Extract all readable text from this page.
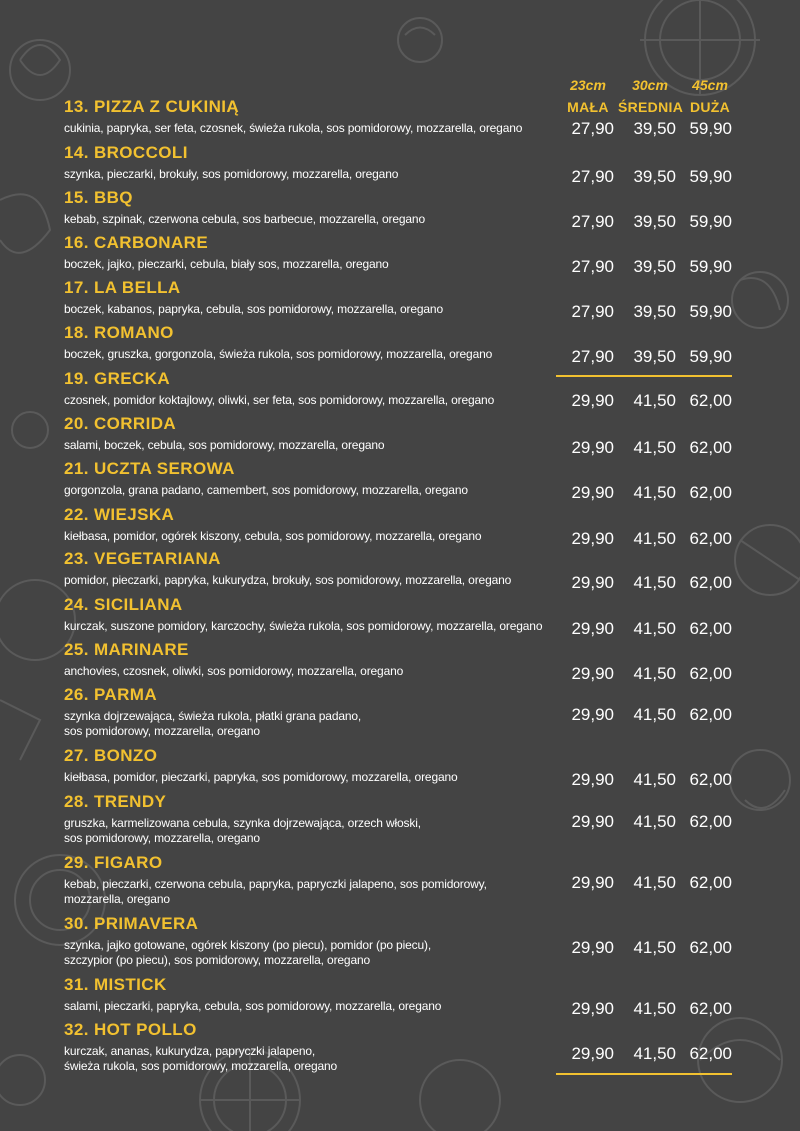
23cm
MAŁA
30cm
ŚREDNIA
45cm
DUŻA
13. PIZZA Z CUKINIĄ
cukinia, papryka, ser feta, czosnek, świeża rukola, sos pomidorowy, mozzarella, oregano	27,90	39,50 59,90
14. BROCCOLI
szynka, pieczarki, brokuły, sos pomidorowy, mozzarella, oregano	27,90	39,50 59,90
15. BBQ
kebab, szpinak, czerwona cebula, sos barbecue, mozzarella, oregano	27,90	39,50 59,90
16. CARBONARE
boczek, jajko, pieczarki, cebula, biały sos, mozzarella, oregano	27,90	39,50 59,90
17. LA BELLA
boczek, kabanos, papryka, cebula, sos pomidorowy, mozzarella, oregano	27,90	39,50 59,90
18. ROMANO
boczek, gruszka, gorgonzola, świeża rukola, sos pomidorowy, mozzarella, oregano	27,90	39,50 59,90
19. GRECKA
czosnek, pomidor koktajlowy, oliwki, ser feta, sos pomidorowy, mozzarella, oregano	29,90	41,50 62,00
20. CORRIDA
salami, boczek, cebula, sos pomidorowy, mozzarella, oregano	29,90	41,50 62,00
21. UCZTA SEROWA
gorgonzola, grana padano, camembert, sos pomidorowy, mozzarella, oregano	29,90	41,50 62,00
22. WIEJSKA
kiełbasa, pomidor, ogórek kiszony, cebula, sos pomidorowy, mozzarella, oregano	29,90	41,50 62,00
23. VEGETARIANA
pomidor, pieczarki, papryka, kukurydza, brokuły, sos pomidorowy, mozzarella, oregano	29,90	41,50 62,00
24. SICILIANA
kurczak, suszone pomidory, karczochy, świeża rukola, sos pomidorowy, mozzarella, oregano	29,90	41,50 62,00
25. MARINARE
anchovies, czosnek, oliwki, sos pomidorowy, mozzarella, oregano	29,90	41,50 62,00
26. PARMA
szynka dojrzewająca, świeża rukola, płatki grana padano,
sos pomidorowy, mozzarella, oregano
29,90	41,50 62,00
27. BONZO
kiełbasa, pomidor, pieczarki, papryka, sos pomidorowy, mozzarella, oregano	29,90	41,50 62,00
28. TRENDY
gruszka, karmelizowana cebula, szynka dojrzewająca, orzech włoski,
sos pomidorowy, mozzarella, oregano
29,90	41,50 62,00
29. FIGARO
kebab, pieczarki, czerwona cebula, papryka, papryczki jalapeno, sos pomidorowy,
mozzarella, oregano
29,90	41,50 62,00
30. PRIMAVERA
szynka, jajko gotowane, ogórek kiszony (po piecu), pomidor (po piecu),
szczypior (po piecu), sos pomidorowy, mozzarella, oregano
29,90	41,50 62,00
31. MISTICK
salami, pieczarki, papryka, cebula, sos pomidorowy, mozzarella, oregano	29,90	41,50 62,00
32. HOT POLLO
kurczak, ananas, kukurydza, papryczki jalapeno,
świeża rukola, sos pomidorowy, mozzarella, oregano
29,90	41,50 62,00
